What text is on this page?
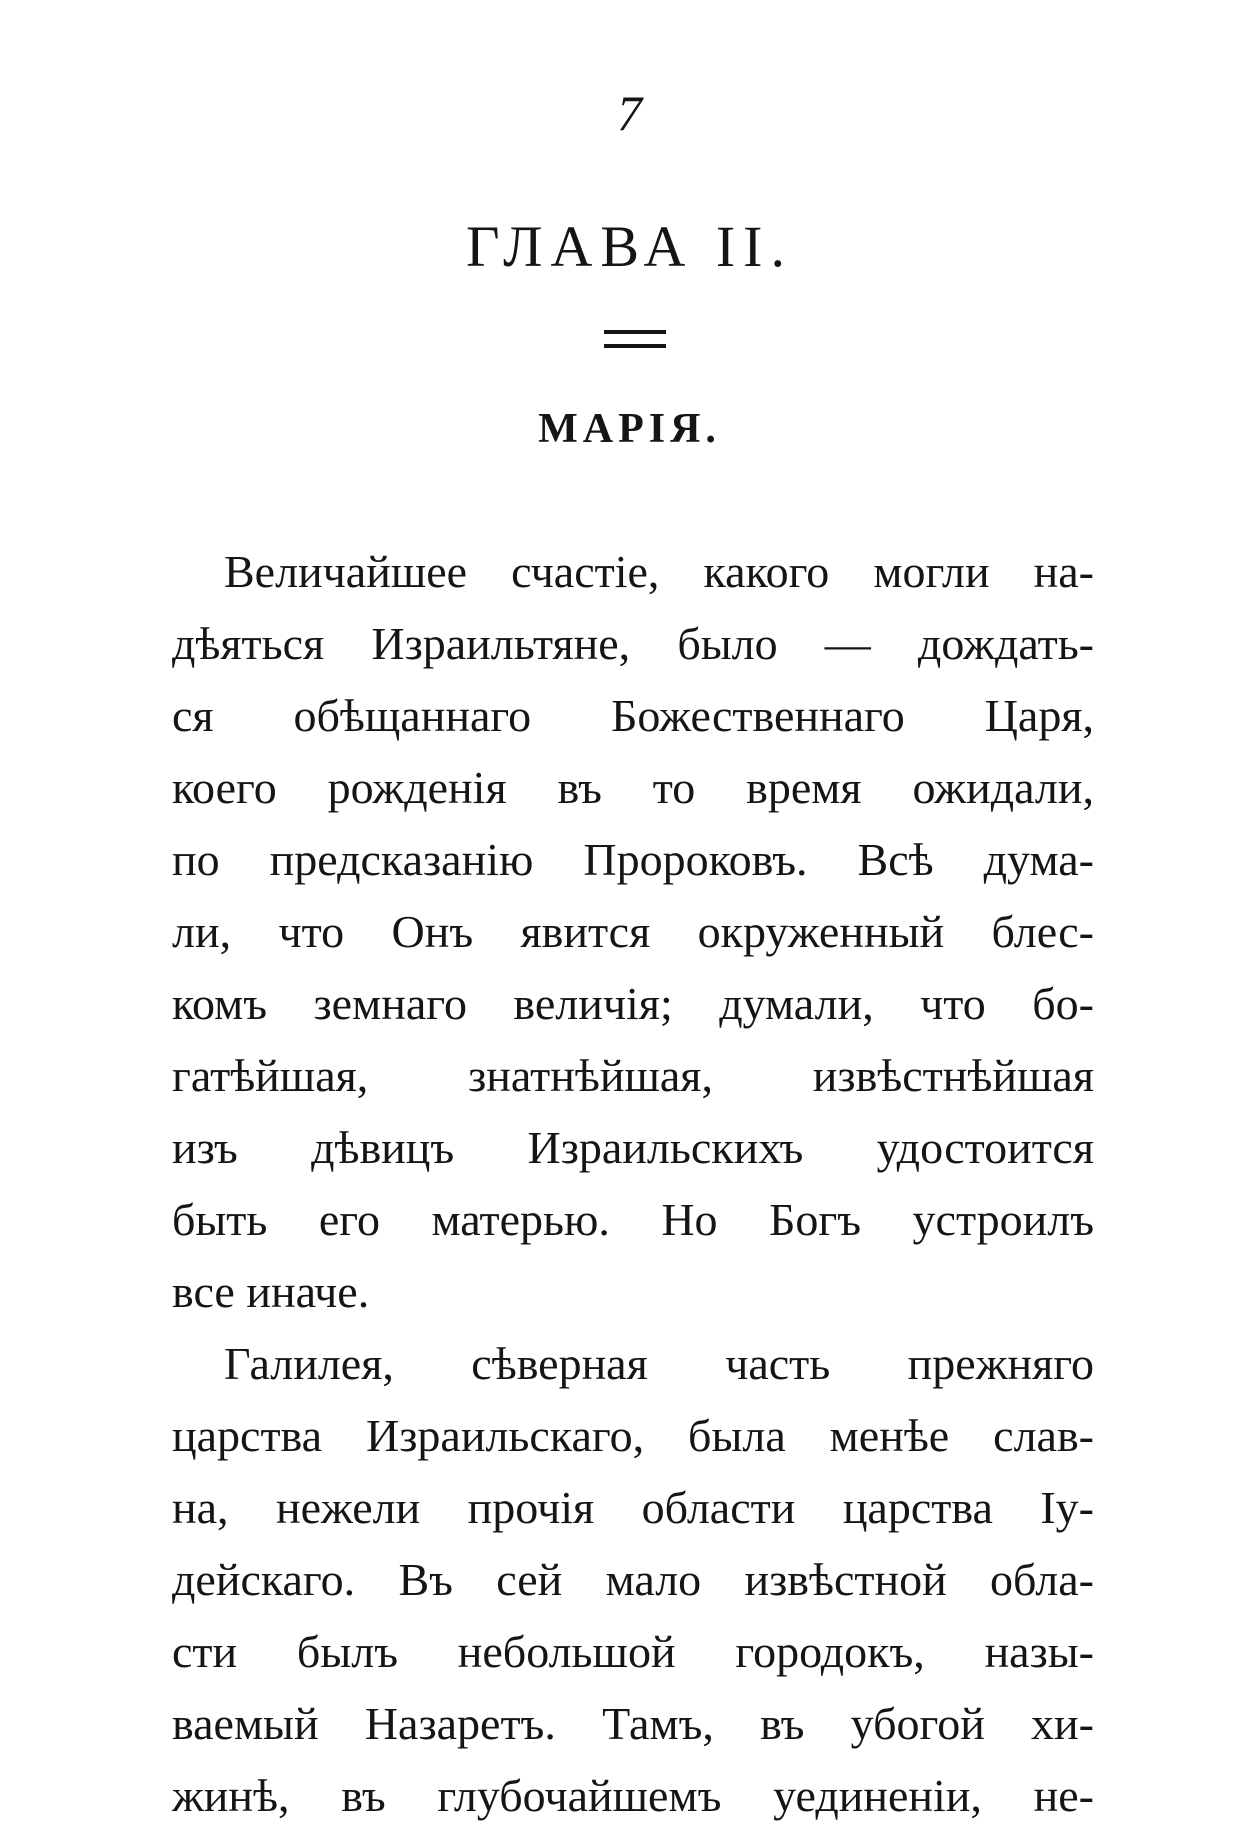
7
ГЛАВА II.
МАРІЯ.
Величайшее счастіе, какого могли на-
дѣяться Израильтяне, было — дождать-
ся обѣщаннаго Божественнаго Царя,
коего рожденія въ то время ожидали,
по предсказанію Пророковъ. Всѣ дума-
ли, что Онъ явится окруженный блес-
комъ земнаго величія; думали, что бо-
гатѣйшая, знатнѣйшая, извѣстнѣйшая
изъ дѣвицъ Израильскихъ удостоится
быть его матерью. Но Богъ устроилъ
все иначе.
Галилея, сѣверная часть прежняго
царства Израильскаго, была менѣе слав-
на, нежели прочія области царства Іу-
дейскаго. Въ сей мало извѣстной обла-
сти былъ небольшой городокъ, назы-
ваемый Назаретъ. Тамъ, въ убогой хи-
жинѣ, въ глубочайшемъ уединеніи, не-
